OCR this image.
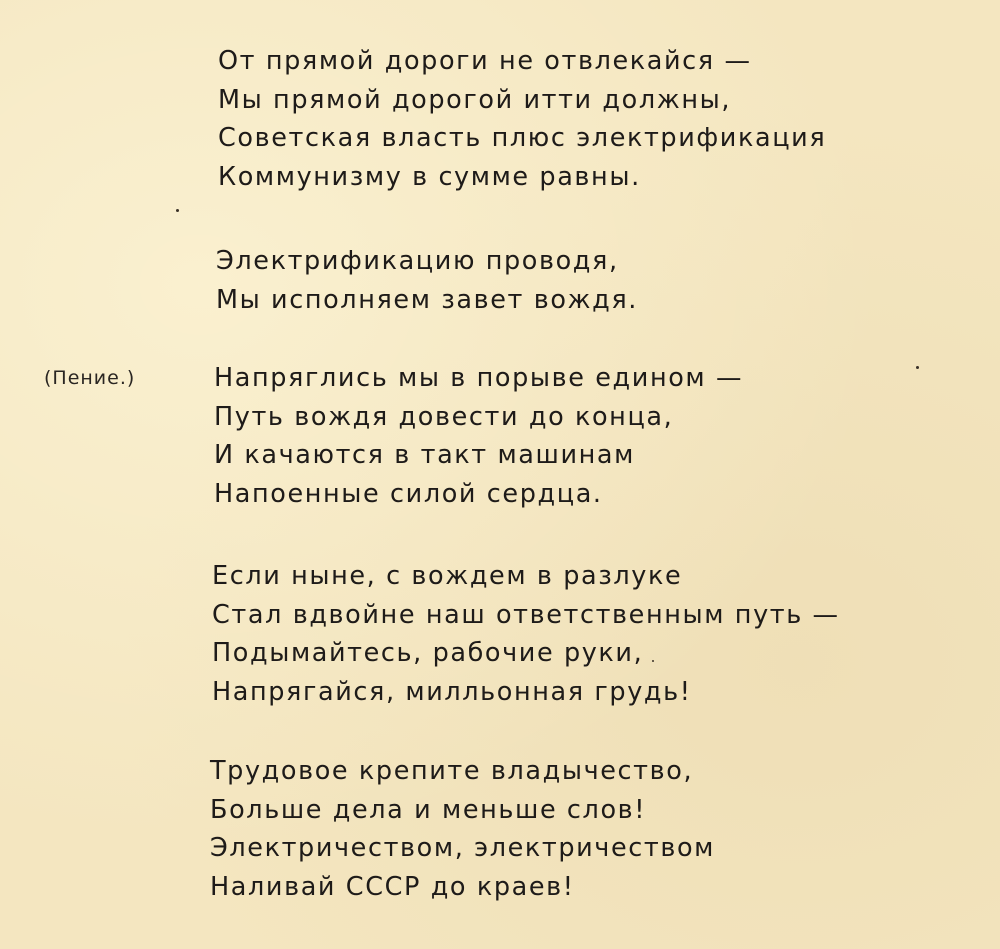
(Пение.)
От прямой дороги не отвлекайся —
Мы прямой дорогой итти должны,
Советская власть плюс электрификация
Коммунизму в сумме равны.
Электрификацию проводя,
Мы исполняем завет вождя.
Напряглись мы в порыве едином —
Путь вождя довести до конца,
И качаются в такт машинам
Напоенные силой сердца.
Если ныне, с вождем в разлуке
Стал вдвойне наш ответственным путь —
Подымайтесь, рабочие руки,
Напрягайся, милльонная грудь!
Трудовое крепите владычество,
Больше дела и меньше слов!
Электричеством, электричеством
Наливай СССР до краев!
